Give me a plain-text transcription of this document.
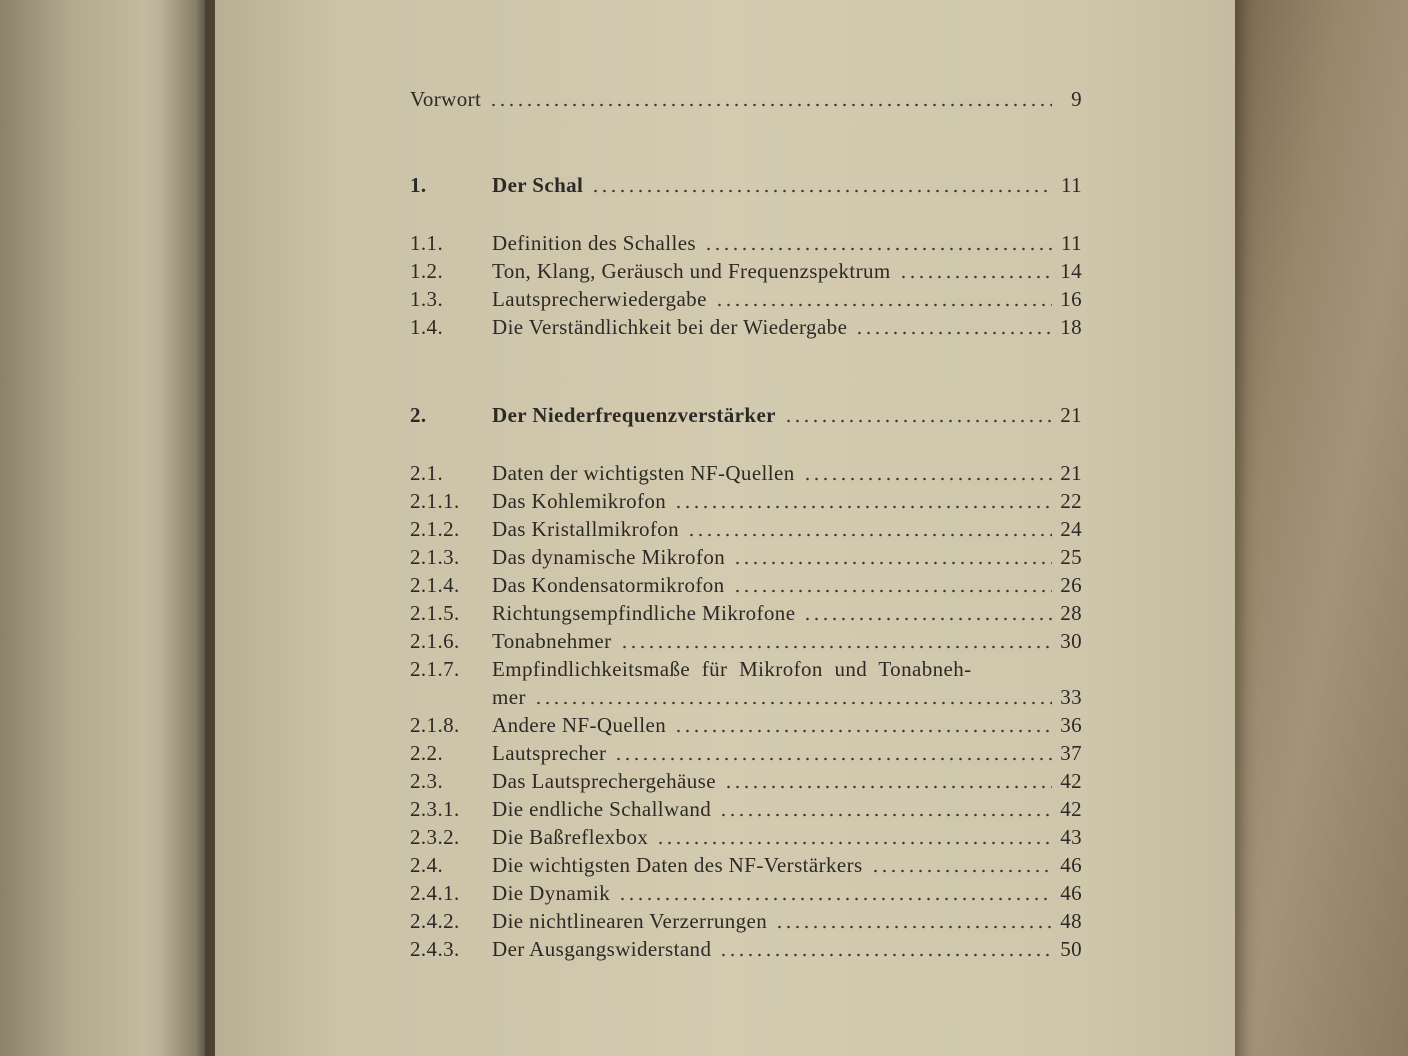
Vorwort	9
1.	Der Schal	11
1.1.	Definition des Schalles	11
1.2.	Ton, Klang, Geräusch und Frequenzspektrum	14
1.3.	Lautsprecherwiedergabe	16
1.4.	Die Verständlichkeit bei der Wiedergabe	18
2.	Der Niederfrequenzverstärker	21
2.1.	Daten der wichtigsten NF-Quellen	21
2.1.1.	Das Kohlemikrofon	22
2.1.2.	Das Kristallmikrofon	24
2.1.3.	Das dynamische Mikrofon	25
2.1.4.	Das Kondensatormikrofon	26
2.1.5.	Richtungsempfindliche Mikrofone	28
2.1.6.	Tonabnehmer	30
2.1.7.	Empfindlichkeitsmaße für Mikrofon und Tonabneh-
mer	33
2.1.8.	Andere NF-Quellen	36
2.2.	Lautsprecher	37
2.3.	Das Lautsprechergehäuse	42
2.3.1.	Die endliche Schallwand	42
2.3.2.	Die Baßreflexbox	43
2.4.	Die wichtigsten Daten des NF-Verstärkers	46
2.4.1.	Die Dynamik	46
2.4.2.	Die nichtlinearen Verzerrungen	48
2.4.3.	Der Ausgangswiderstand	50
